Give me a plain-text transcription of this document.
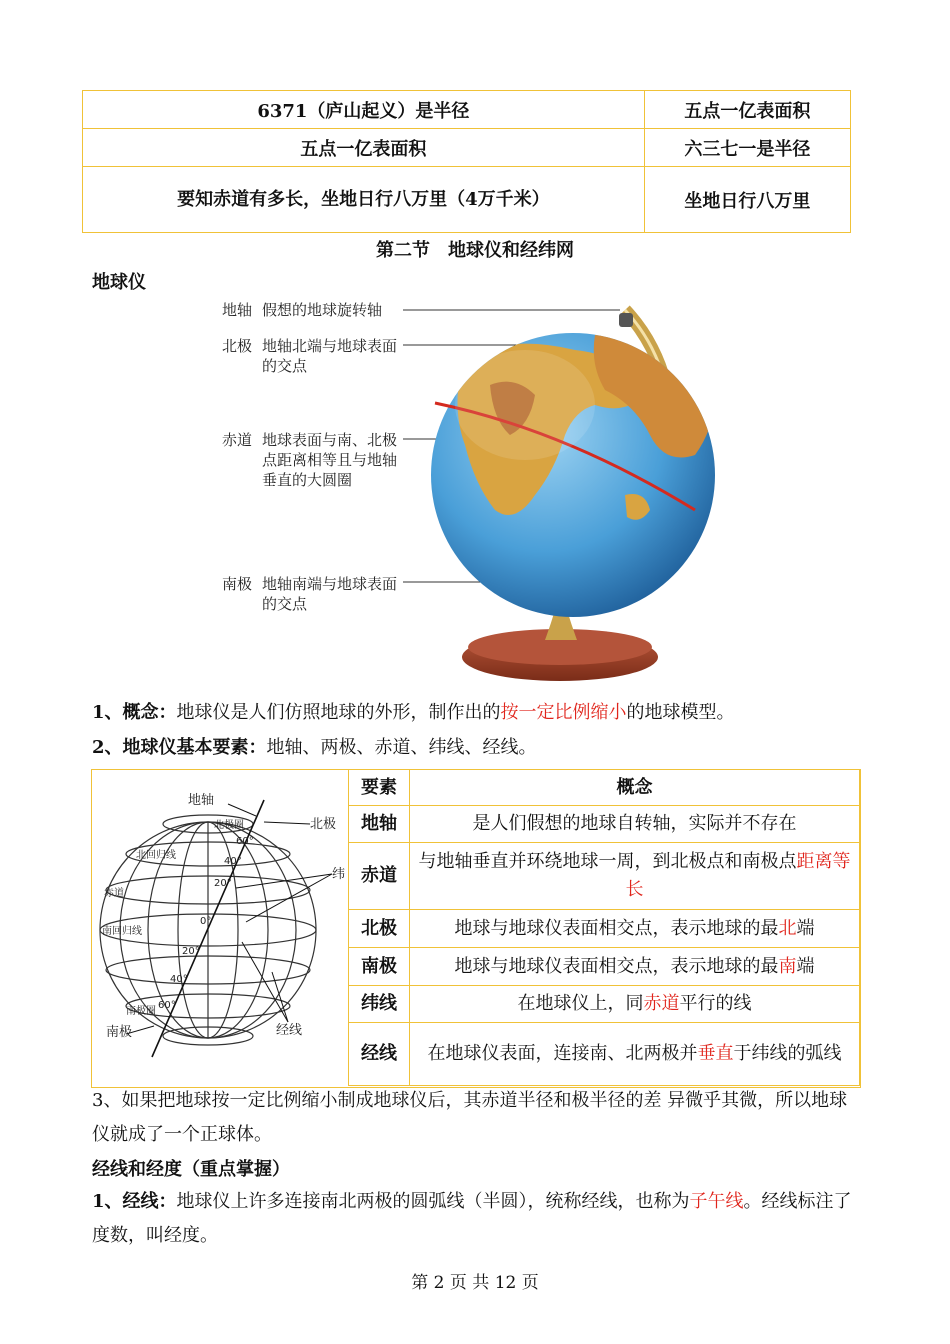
6371（庐山起义）是半径	五点一亿表面积
五点一亿表面积	六三七一是半径
要知赤道有多长，坐地日行八万里（4万千米）	坐地日行八万里
第二节　地球仪和经纬网
地球仪
地轴 假想的地球旋转轴
北极 地轴北端与地球表面的交点
赤道 地球表面与南、北极点距离相等且与地轴垂直的大圆圈
南极 地轴南端与地球表面的交点
1、概念：地球仪是人们仿照地球的外形，制作出的按一定比例缩小的地球模型。
2、地球仪基本要素：地轴、两极、赤道、纬线、经线。
地轴
北极
纬
南极	经线
北极圈
北回归线
赤道
南回归线
南极圈
60°
40°
20°
0°
20°
40°
60°
要素	概念
地轴	是人们假想的地球自转轴，实际并不存在
赤道	与地轴垂直并环绕地球一周，到北极点和南极点距离等长
北极	地球与地球仪表面相交点，表示地球的最北端
南极	地球与地球仪表面相交点，表示地球的最南端
纬线	在地球仪上，同赤道平行的线
经线	在地球仪表面，连接南、北两极并垂直于纬线的弧线
3、如果把地球按一定比例缩小制成地球仪后，其赤道半径和极半径的差 异微乎其微，所以地球仪就成了一个正球体。
经线和经度（重点掌握）
1、经线：地球仪上许多连接南北两极的圆弧线（半圆），统称经线，也称为子午线。经线标注了度数，叫经度。
第 2 页 共 12 页
